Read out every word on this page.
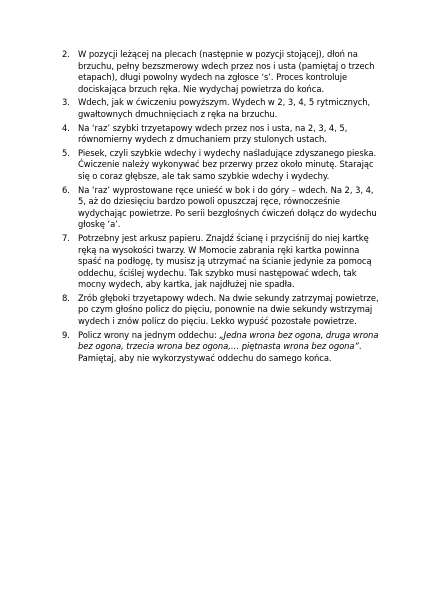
2. W pozycji leżącej na plecach (następnie w pozycji stojącej), dłoń na brzuchu, pełny bezszmerowy wdech przez nos i usta (pamiętaj o trzech etapach), długi powolny wydech na zgłosce ‘s’. Proces kontroluje dociskająca brzuch ręka. Nie wydychaj powietrza do końca.
3. Wdech, jak w ćwiczeniu powyższym. Wydech w 2, 3, 4, 5 rytmicznych, gwałtownych dmuchnięciach z ręka na brzuchu.
4. Na ‘raz’ szybki trzyetapowy wdech przez nos i usta, na 2, 3, 4, 5, równomierny wydech z dmuchaniem przy stulonych ustach.
5. Piesek, czyli szybkie wdechy i wydechy naśladujące zdyszanego pieska. Ćwiczenie należy wykonywać bez przerwy przez około minutę. Starając się o coraz głębsze, ale tak samo szybkie wdechy i wydechy.
6. Na ‘raz’ wyprostowane ręce unieść w bok i do góry – wdech. Na 2, 3, 4, 5, aż do dziesięciu bardzo powoli opuszczaj ręce, równocześnie wydychając powietrze. Po serii bezgłośnych ćwiczeń dołącz do wydechu głoskę ‘a’.
7. Potrzebny jest arkusz papieru. Znajdź ścianę i przyciśnij do niej kartkę ręką na wysokości twarzy. W Momocie zabrania ręki kartka powinna spaść na podłogę, ty musisz ją utrzymać na ścianie jedynie za pomocą oddechu, ściślej wydechu. Tak szybko musi następować wdech, tak mocny wydech, aby kartka, jak najdłużej nie spadła.
8. Zrób głęboki trzyetapowy wdech. Na dwie sekundy zatrzymaj powietrze, po czym głośno policz do pięciu, ponownie na dwie sekundy wstrzymaj wydech i znów policz do pięciu. Lekko wypuść pozostałe powietrze.
9. Policz wrony na jednym oddechu: „Jedna wrona bez ogona, druga wrona bez ogona, trzecia wrona bez ogona,… piętnasta wrona bez ogona”. Pamiętaj, aby nie wykorzystywać oddechu do samego końca.
